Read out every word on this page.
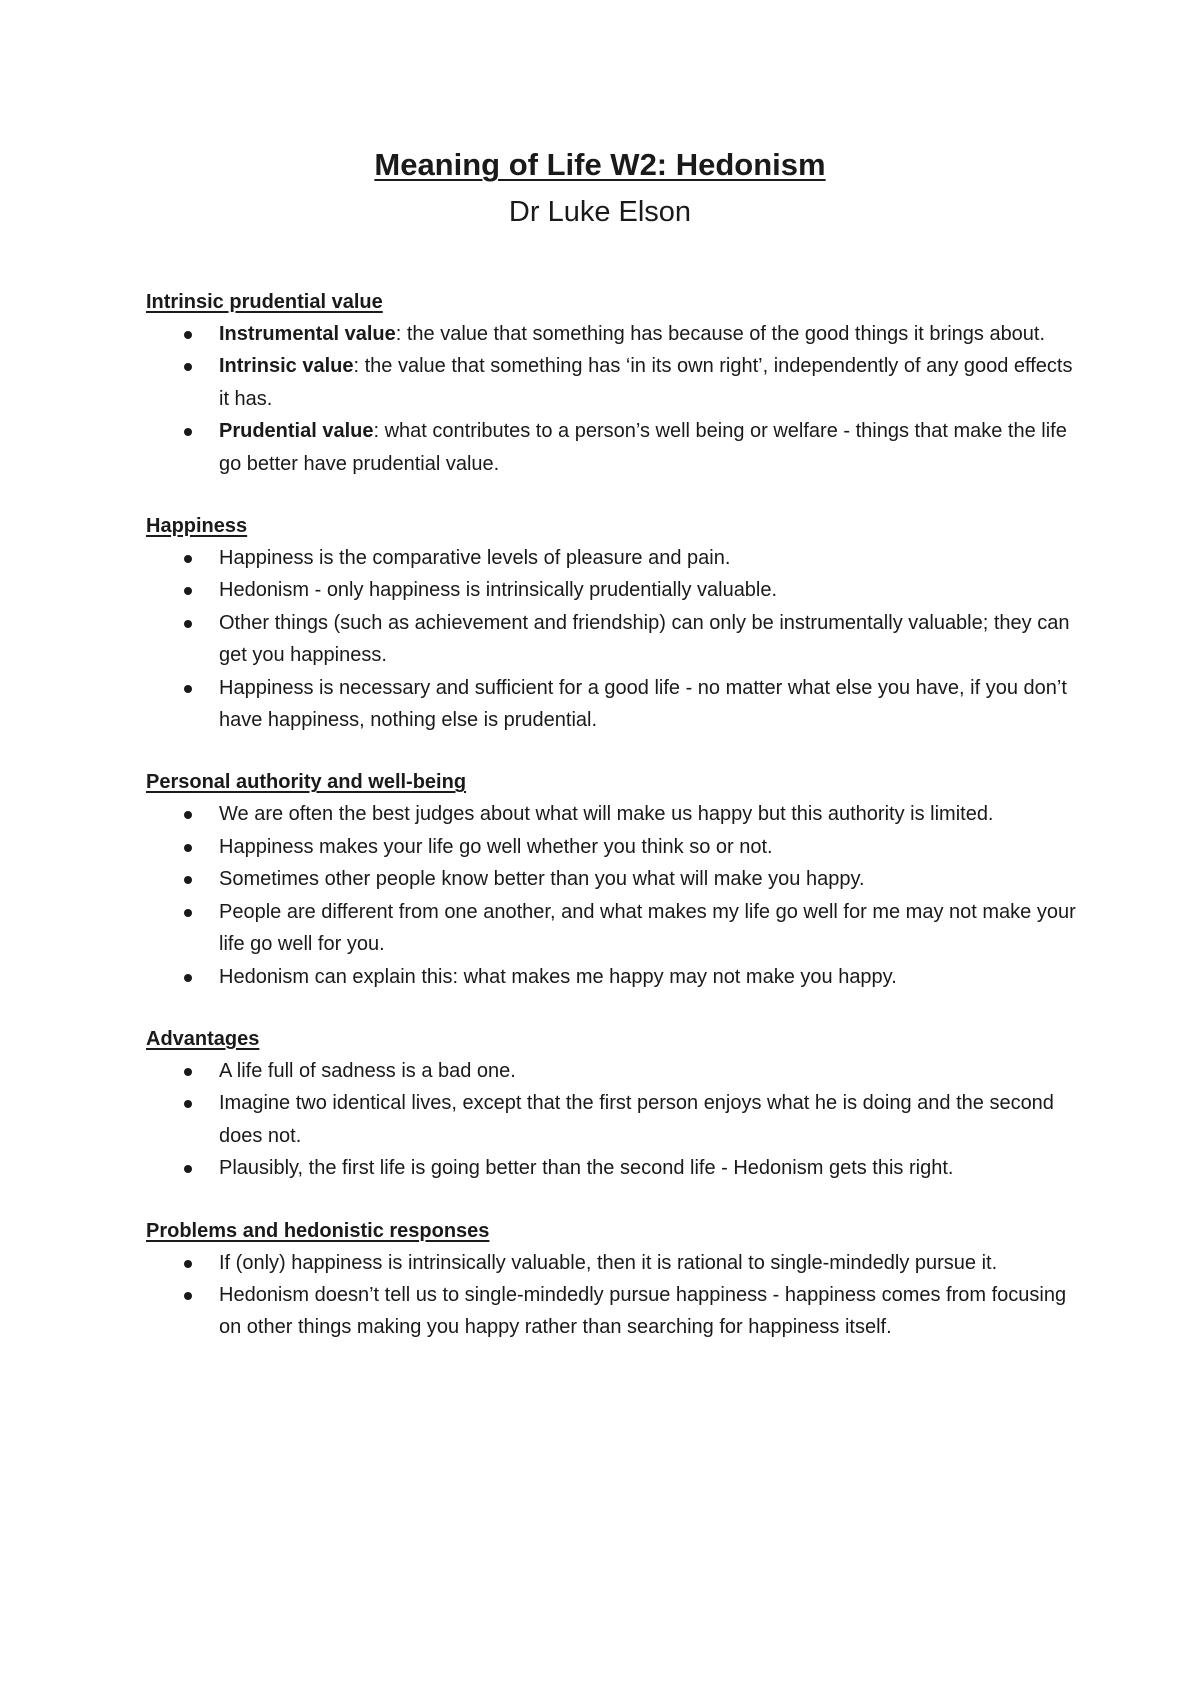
Meaning of Life W2: Hedonism
Dr Luke Elson
Intrinsic prudential value
Instrumental value: the value that something has because of the good things it brings about.
Intrinsic value: the value that something has ‘in its own right’, independently of any good effects it has.
Prudential value: what contributes to a person’s well being or welfare - things that make the life go better have prudential value.
Happiness
Happiness is the comparative levels of pleasure and pain.
Hedonism - only happiness is intrinsically prudentially valuable.
Other things (such as achievement and friendship) can only be instrumentally valuable; they can get you happiness.
Happiness is necessary and sufficient for a good life - no matter what else you have, if you don’t have happiness, nothing else is prudential.
Personal authority and well-being
We are often the best judges about what will make us happy but this authority is limited.
Happiness makes your life go well whether you think so or not.
Sometimes other people know better than you what will make you happy.
People are different from one another, and what makes my life go well for me may not make your life go well for you.
Hedonism can explain this: what makes me happy may not make you happy.
Advantages
A life full of sadness is a bad one.
Imagine two identical lives, except that the first person enjoys what he is doing and the second does not.
Plausibly, the first life is going better than the second life - Hedonism gets this right.
Problems and hedonistic responses
If (only) happiness is intrinsically valuable, then it is rational to single-mindedly pursue it.
Hedonism doesn’t tell us to single-mindedly pursue happiness - happiness comes from focusing on other things making you happy rather than searching for happiness itself.
